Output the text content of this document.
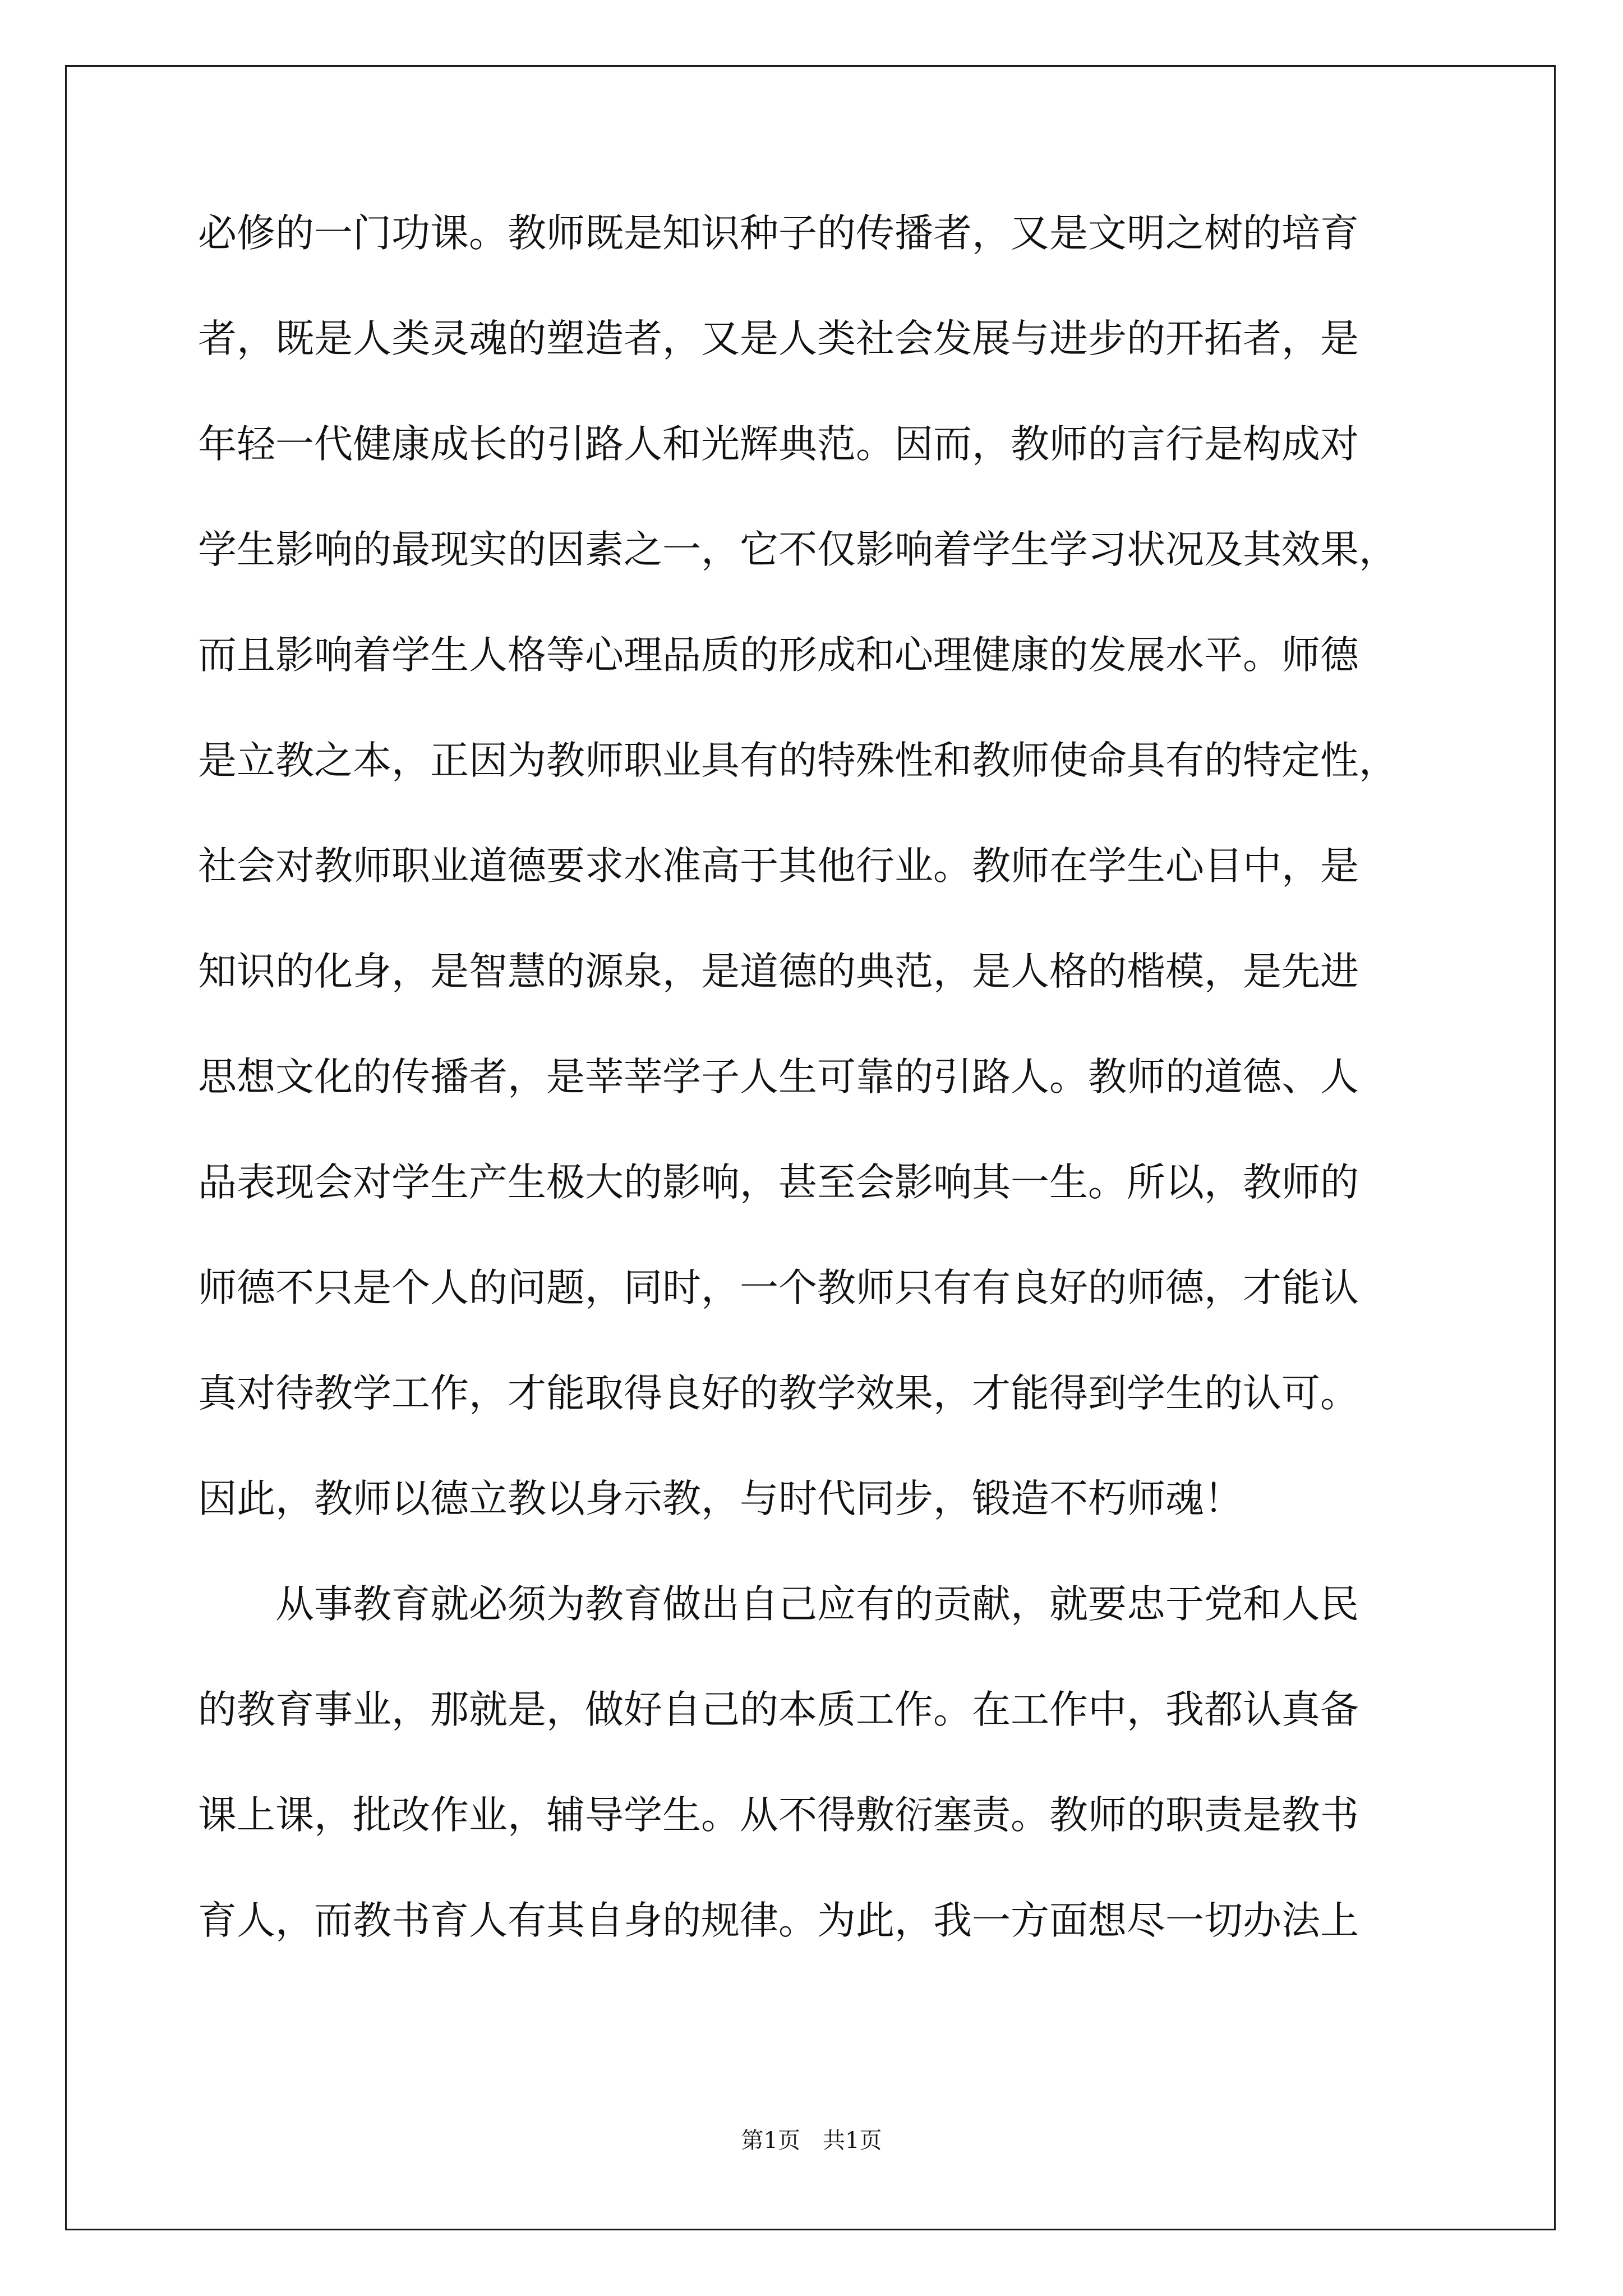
必修的一门功课。教师既是知识种子的传播者，又是文明之树的培育
者，既是人类灵魂的塑造者，又是人类社会发展与进步的开拓者，是
年轻一代健康成长的引路人和光辉典范。因而，教师的言行是构成对
学生影响的最现实的因素之一，它不仅影响着学生学习状况及其效果，
而且影响着学生人格等心理品质的形成和心理健康的发展水平。师德
是立教之本，正因为教师职业具有的特殊性和教师使命具有的特定性，
社会对教师职业道德要求水准高于其他行业。教师在学生心目中，是
知识的化身，是智慧的源泉，是道德的典范，是人格的楷模，是先进
思想文化的传播者，是莘莘学子人生可靠的引路人。教师的道德、人
品表现会对学生产生极大的影响，甚至会影响其一生。所以，教师的
师德不只是个人的问题，同时，一个教师只有有良好的师德，才能认
真对待教学工作，才能取得良好的教学效果，才能得到学生的认可。
因此，教师以德立教以身示教，与时代同步，锻造不朽师魂！
　　从事教育就必须为教育做出自己应有的贡献，就要忠于党和人民
的教育事业，那就是，做好自己的本质工作。在工作中，我都认真备
课上课，批改作业，辅导学生。从不得敷衍塞责。教师的职责是教书
育人，而教书育人有其自身的规律。为此，我一方面想尽一切办法上
第1页 共1页
